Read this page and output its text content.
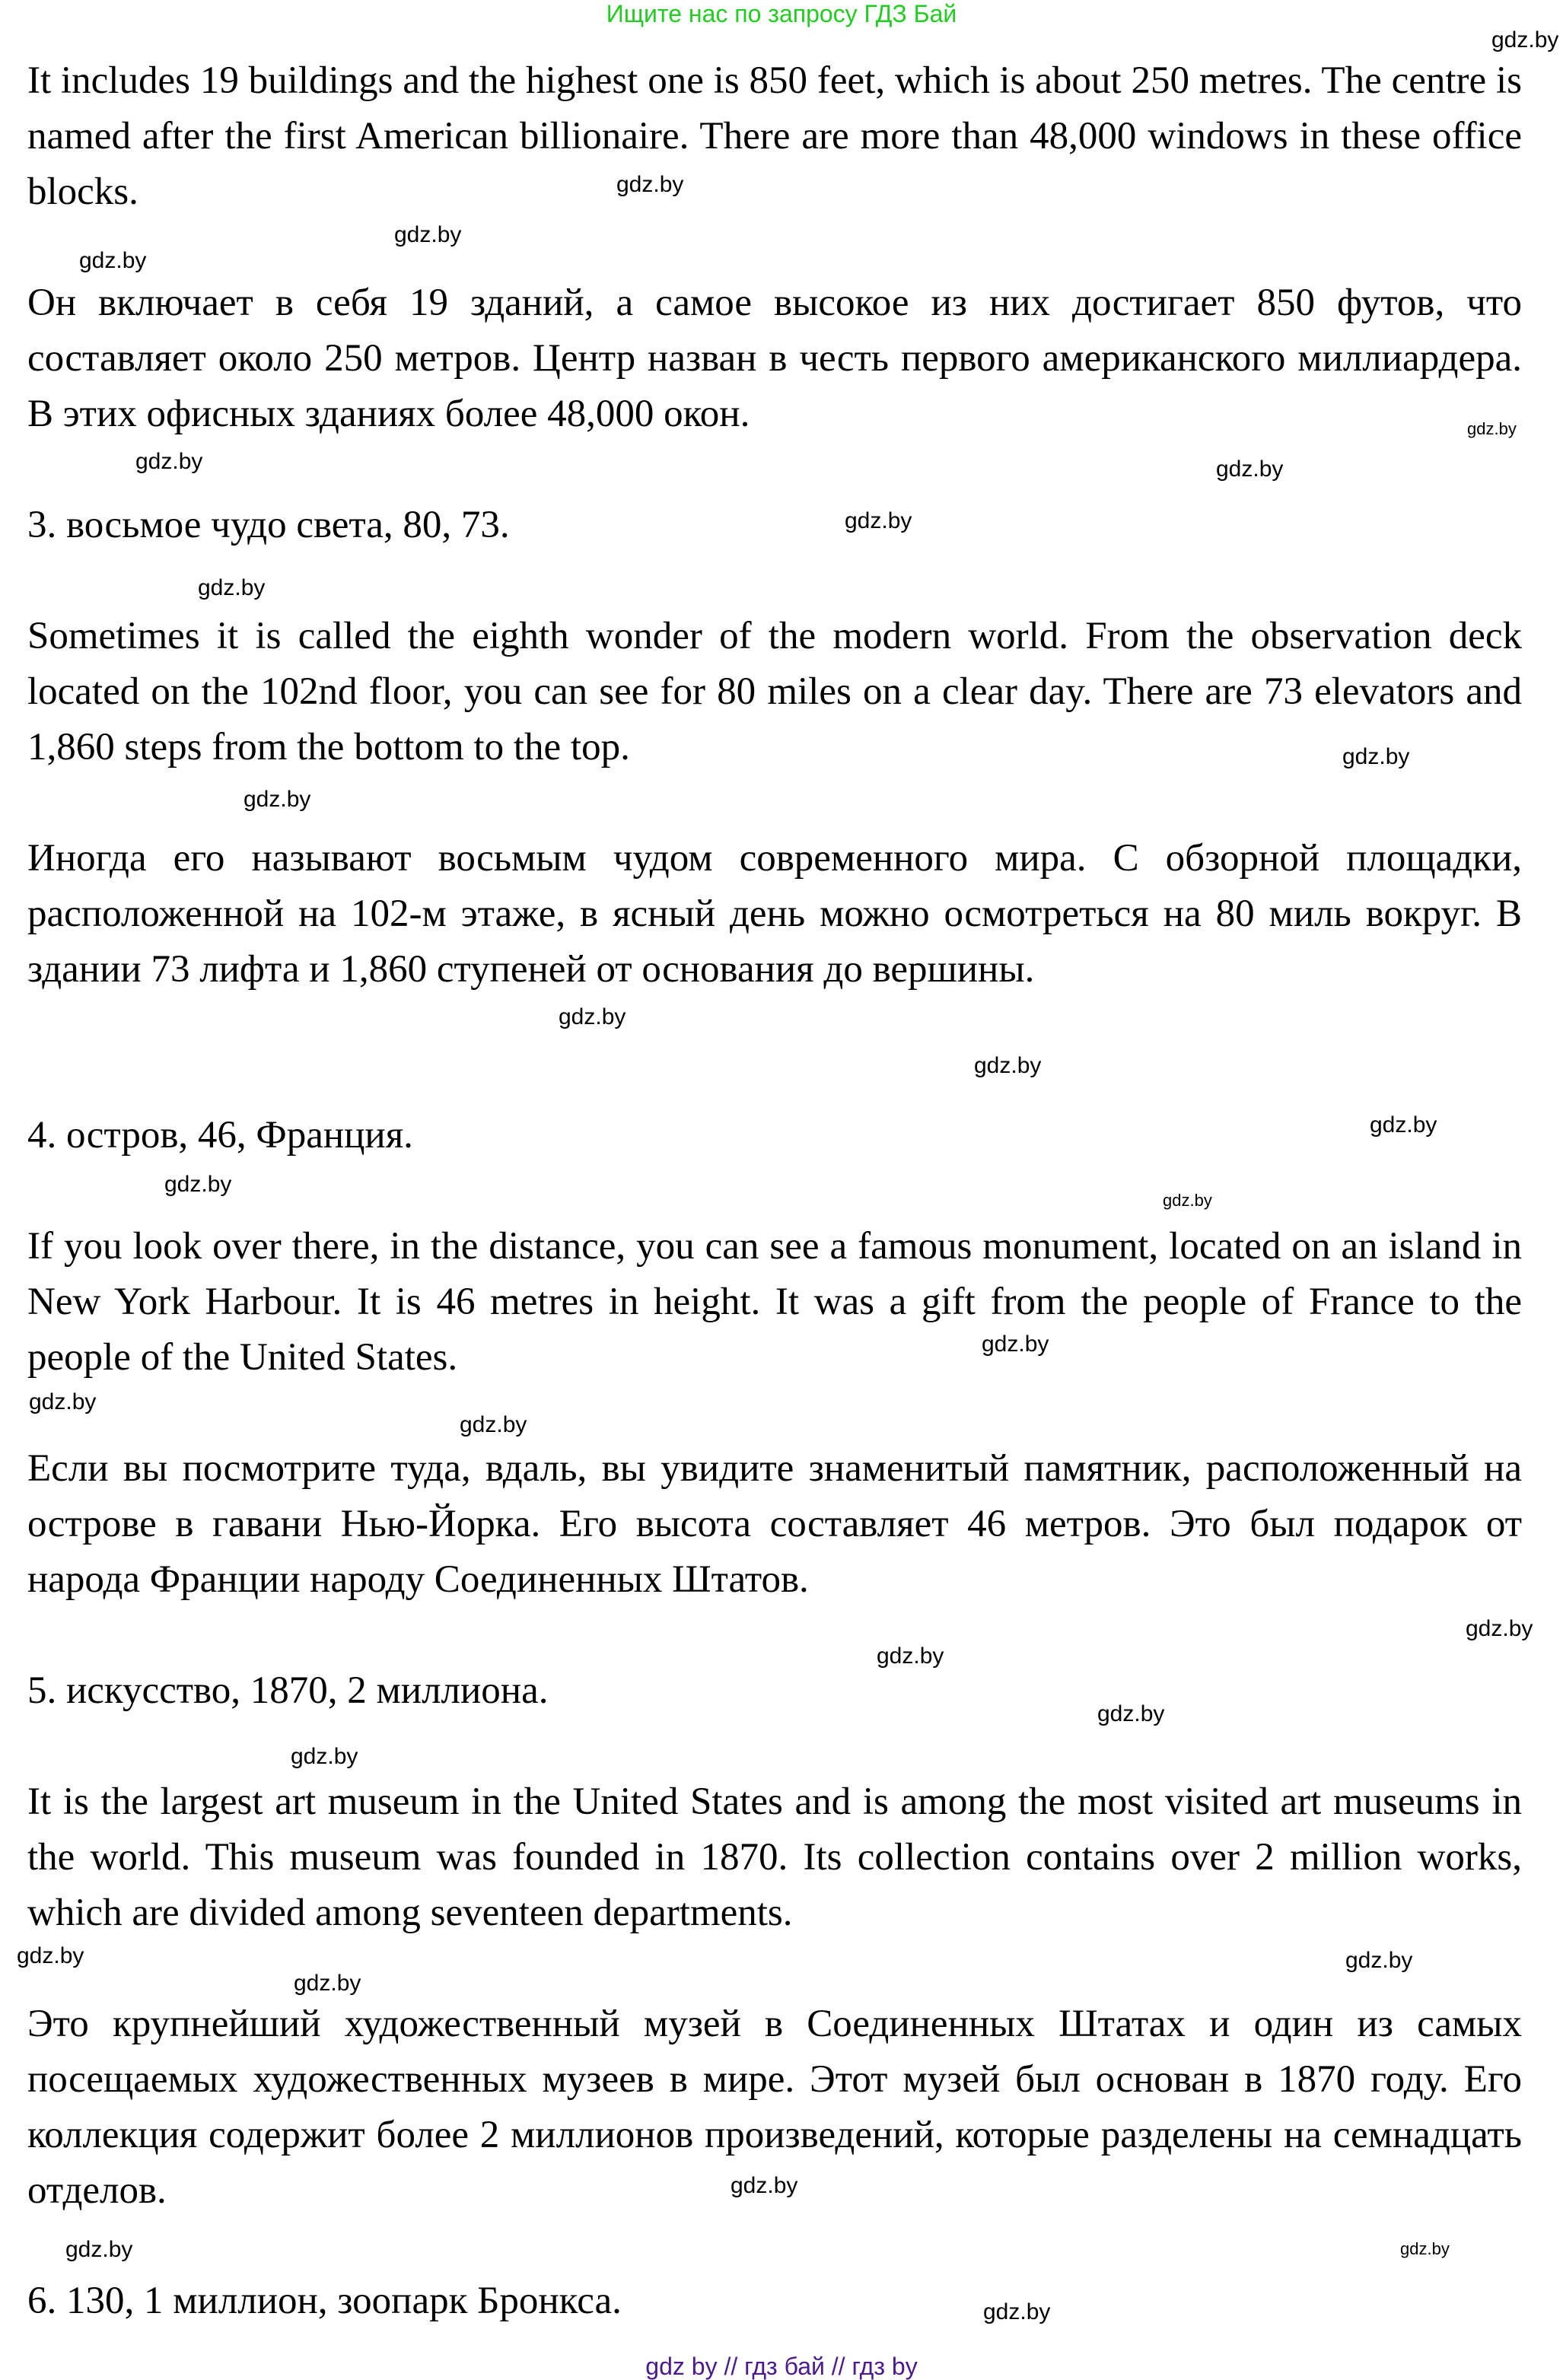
Ищите нас по запросу ГДЗ Бай
It includes 19 buildings and the highest one is 850 feet, which is about 250 metres. The centre is named after the first American billionaire. There are more than 48,000 windows in these office blocks.
Он включает в себя 19 зданий, а самое высокое из них достигает 850 футов, что составляет около 250 метров. Центр назван в честь первого американского миллиардера. В этих офисных зданиях более 48,000 окон.
3. восьмое чудо света, 80, 73.
Sometimes it is called the eighth wonder of the modern world. From the observation deck located on the 102nd floor, you can see for 80 miles on a clear day. There are 73 elevators and 1,860 steps from the bottom to the top.
Иногда его называют восьмым чудом современного мира. С обзорной площадки, расположенной на 102-м этаже, в ясный день можно осмотреться на 80 миль вокруг. В здании 73 лифта и 1,860 ступеней от основания до вершины.
4. остров, 46, Франция.
If you look over there, in the distance, you can see a famous monument, located on an island in New York Harbour. It is 46 metres in height. It was a gift from the people of France to the people of the United States.
Если вы посмотрите туда, вдаль, вы увидите знаменитый памятник, расположенный на острове в гавани Нью-Йорка. Его высота составляет 46 метров. Это был подарок от народа Франции народу Соединенных Штатов.
5. искусство, 1870, 2 миллиона.
It is the largest art museum in the United States and is among the most visited art museums in the world. This museum was founded in 1870. Its collection contains over 2 million works, which are divided among seventeen departments.
Это крупнейший художественный музей в Соединенных Штатах и один из самых посещаемых художественных музеев в мире. Этот музей был основан в 1870 году. Его коллекция содержит более 2 миллионов произведений, которые разделены на семнадцать отделов.
6. 130, 1 миллион, зоопарк Бронкса.
gdz.by
gdz.by
gdz.by
gdz.by
gdz.by
gdz.by
gdz.by
gdz.by
gdz.by
gdz.by
gdz.by
gdz.by
gdz.by
gdz.by
gdz.by
gdz.by
gdz.by
gdz.by
gdz.by
gdz.by
gdz.by
gdz.by
gdz.by
gdz.by
gdz.by
gdz.by
gdz.by
gdz.by
gdz.by
gdz.by
gdz by // гдз бай // гдз by
